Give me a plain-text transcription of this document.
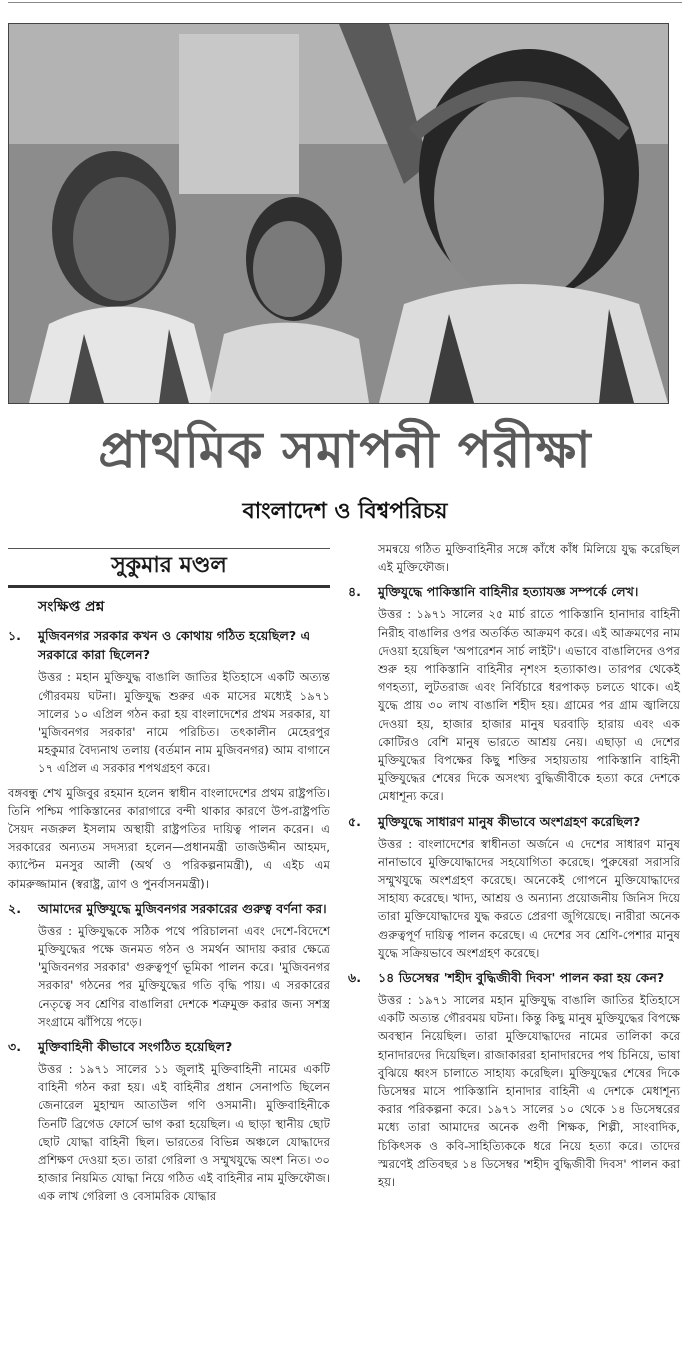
প্রাথমিক সমাপনী পরীক্ষা
বাংলাদেশ ও বিশ্বপরিচয়
সুকুমার মণ্ডল
সংক্ষিপ্ত প্রশ্ন
১.	মুজিবনগর সরকার কখন ও কোথায় গঠিত হয়েছিল? এ সরকারে কারা ছিলেন?

উত্তর : মহান মুক্তিযুদ্ধ বাঙালি জাতির ইতিহাসে একটি অত্যন্ত গৌরবময় ঘটনা। মুক্তিযুদ্ধ শুরুর এক মাসের মধ্যেই ১৯৭১ সালের ১০ এপ্রিল গঠন করা হয় বাংলাদেশের প্রথম সরকার, যা 'মুজিবনগর সরকার' নামে পরিচিত। তৎকালীন মেহেরপুর মহকুমার বৈদ্যনাথ তলায় (বর্তমান নাম মুজিবনগর) আম বাগানে ১৭ এপ্রিল এ সরকার শপথগ্রহণ করে।

বঙ্গবন্ধু শেখ মুজিবুর রহমান হলেন স্বাধীন বাংলাদেশের প্রথম রাষ্ট্রপতি। তিনি পশ্চিম পাকিস্তানের কারাগারে বন্দী থাকার কারণে উপ-রাষ্ট্রপতি সৈয়দ নজরুল ইসলাম অস্থায়ী রাষ্ট্রপতির দায়িত্ব পালন করেন। এ সরকারের অন্যতম সদস্যরা হলেন—প্রধানমন্ত্রী তাজউদ্দীন আহমদ, ক্যাপ্টেন মনসুর আলী (অর্থ ও পরিকল্পনামন্ত্রী), এ এইচ এম কামরুজ্জামান (স্বরাষ্ট্র, ত্রাণ ও পুনর্বাসনমন্ত্রী)।
২.	আমাদের মুক্তিযুদ্ধে মুজিবনগর সরকারের গুরুত্ব বর্ণনা কর।

উত্তর : মুক্তিযুদ্ধকে সঠিক পথে পরিচালনা এবং দেশে-বিদেশে মুক্তিযুদ্ধের পক্ষে জনমত গঠন ও সমর্থন আদায় করার ক্ষেত্রে 'মুজিবনগর সরকার' গুরুত্বপূর্ণ ভূমিকা পালন করে। 'মুজিবনগর সরকার' গঠনের পর মুক্তিযুদ্ধের গতি বৃদ্ধি পায়। এ সরকারের নেতৃত্বে সব শ্রেণির বাঙালিরা দেশকে শত্রুমুক্ত করার জন্য সশস্ত্র সংগ্রামে ঝাঁপিয়ে পড়ে।

৩.	মুক্তিবাহিনী কীভাবে সংগঠিত হয়েছিল?

উত্তর : ১৯৭১ সালের ১১ জুলাই মুক্তিবাহিনী নামের একটি বাহিনী গঠন করা হয়। এই বাহিনীর প্রধান সেনাপতি ছিলেন জেনারেল মুহাম্মদ আতাউল গণি ওসমানী। মুক্তিবাহিনীকে তিনটি ব্রিগেড ফোর্সে ভাগ করা হয়েছিল। এ ছাড়া স্থানীয় ছোট ছোট যোদ্ধা বাহিনী ছিল। ভারতের বিভিন্ন অঞ্চলে যোদ্ধাদের প্রশিক্ষণ দেওয়া হত। তারা গেরিলা ও সম্মুখযুদ্ধে অংশ নিত। ৩০ হাজার নিয়মিত যোদ্ধা নিয়ে গঠিত এই বাহিনীর নাম মুক্তিফৌজ। এক লাখ গেরিলা ও বেসামরিক যোদ্ধার

সমন্বয়ে গঠিত মুক্তিবাহিনীর সঙ্গে কাঁধে কাঁধ মিলিয়ে যুদ্ধ করেছিল এই মুক্তিফৌজ।
৪.	মুক্তিযুদ্ধে পাকিস্তানি বাহিনীর হত্যাযজ্ঞ সম্পর্কে লেখ।

উত্তর : ১৯৭১ সালের ২৫ মার্চ রাতে পাকিস্তানি হানাদার বাহিনী নিরীহ বাঙালির ওপর অতর্কিত আক্রমণ করে। এই আক্রমণের নাম দেওয়া হয়েছিল 'অপারেশন সার্চ লাইট'। এভাবে বাঙালিদের ওপর শুরু হয় পাকিস্তানি বাহিনীর নৃশংস হত্যাকাণ্ড। তারপর থেকেই গণহত্যা, লুটতরাজ এবং নির্বিচারে ধরপাকড় চলতে থাকে। এই যুদ্ধে প্রায় ৩০ লাখ বাঙালি শহীদ হয়। গ্রামের পর গ্রাম জ্বালিয়ে দেওয়া হয়, হাজার হাজার মানুষ ঘরবাড়ি হারায় এবং এক কোটিরও বেশি মানুষ ভারতে আশ্রয় নেয়। এছাড়া এ দেশের মুক্তিযুদ্ধের বিপক্ষের কিছু শক্তির সহায়তায় পাকিস্তানি বাহিনী মুক্তিযুদ্ধের শেষের দিকে অসংখ্য বুদ্ধিজীবীকে হত্যা করে দেশকে মেধাশূন্য করে।

৫.	মুক্তিযুদ্ধে সাধারণ মানুষ কীভাবে অংশগ্রহণ করেছিল?

উত্তর : বাংলাদেশের স্বাধীনতা অর্জনে এ দেশের সাধারণ মানুষ নানাভাবে মুক্তিযোদ্ধাদের সহযোগিতা করেছে। পুরুষেরা সরাসরি সম্মুখযুদ্ধে অংশগ্রহণ করেছে। অনেকেই গোপনে মুক্তিযোদ্ধাদের সাহায্য করেছে। খাদ্য, আশ্রয় ও অন্যান্য প্রয়োজনীয় জিনিস দিয়ে তারা মুক্তিযোদ্ধাদের যুদ্ধ করতে প্রেরণা জুগিয়েছে। নারীরা অনেক গুরুত্বপূর্ণ দায়িত্ব পালন করেছে। এ দেশের সব শ্রেণি-পেশার মানুষ যুদ্ধে সক্রিয়ভাবে অংশগ্রহণ করেছে।

৬.	১৪ ডিসেম্বর 'শহীদ বুদ্ধিজীবী দিবস' পালন করা হয় কেন?

উত্তর : ১৯৭১ সালের মহান মুক্তিযুদ্ধ বাঙালি জাতির ইতিহাসে একটি অত্যন্ত গৌরবময় ঘটনা। কিন্তু কিছু মানুষ মুক্তিযুদ্ধের বিপক্ষে অবস্থান নিয়েছিল। তারা মুক্তিযোদ্ধাদের নামের তালিকা করে হানাদারদের দিয়েছিল। রাজাকাররা হানাদারদের পথ চিনিয়ে, ভাষা বুঝিয়ে ধ্বংস চালাতে সাহায্য করেছিল। মুক্তিযুদ্ধের শেষের দিকে ডিসেম্বর মাসে পাকিস্তানি হানাদার বাহিনী এ দেশকে মেধাশূন্য করার পরিকল্পনা করে। ১৯৭১ সালের ১০ থেকে ১৪ ডিসেম্বরের মধ্যে তারা আমাদের অনেক গুণী শিক্ষক, শিল্পী, সাংবাদিক, চিকিৎসক ও কবি-সাহিত্যিককে ধরে নিয়ে হত্যা করে। তাদের স্মরণেই প্রতিবছর ১৪ ডিসেম্বর 'শহীদ বুদ্ধিজীবী দিবস' পালন করা হয়।
